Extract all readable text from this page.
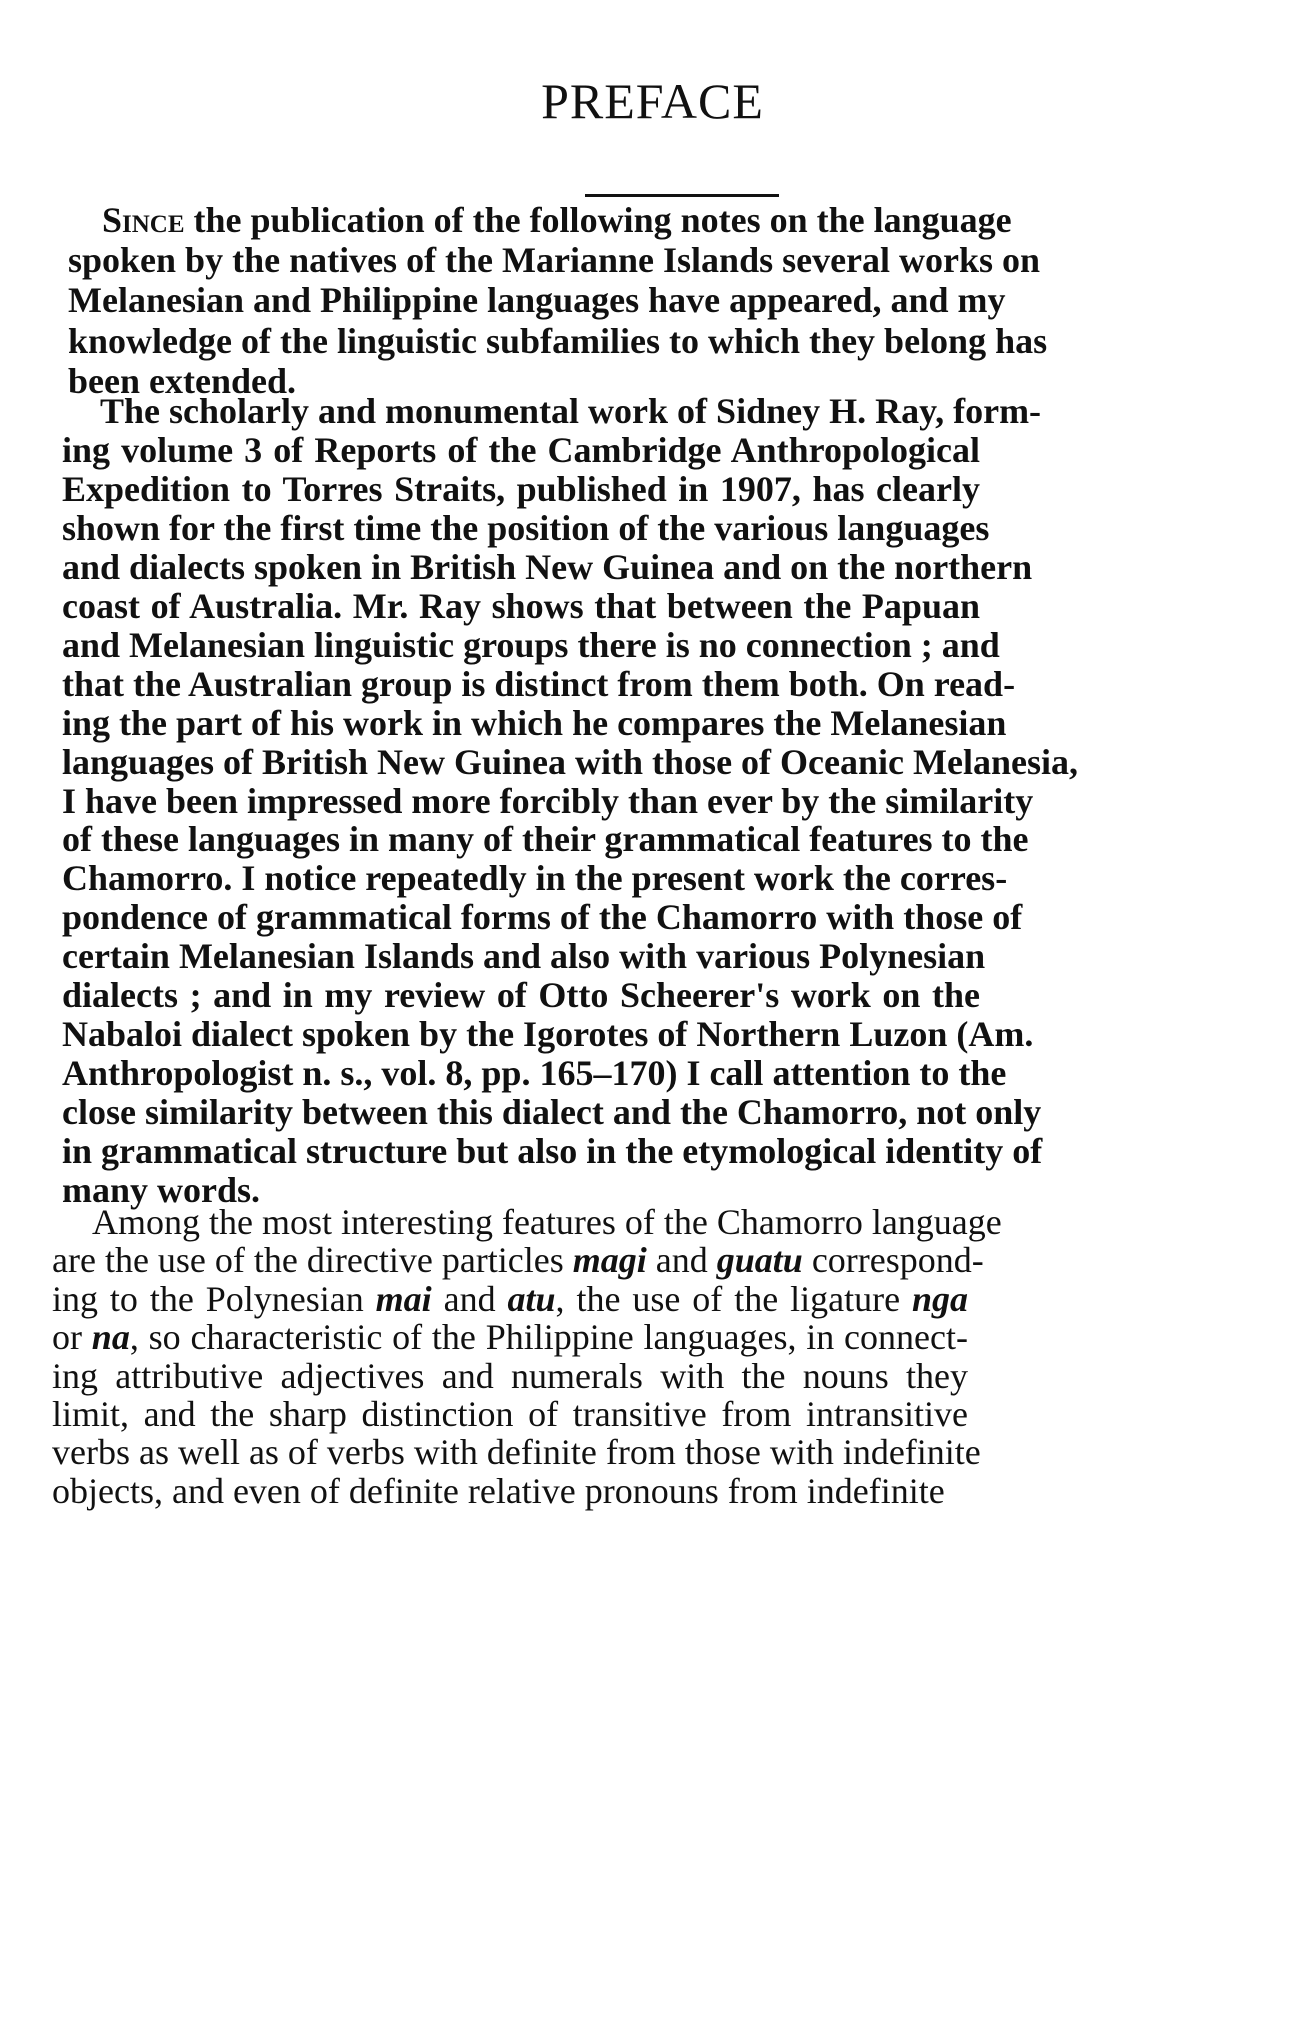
PREFACE
Since the publication of the following notes on the language
spoken by the natives of the Marianne Islands several works on
Melanesian and Philippine languages have appeared, and my
knowledge of the linguistic subfamilies to which they belong has
been extended.
The scholarly and monumental work of Sidney H. Ray, form-
ing volume 3 of Reports of the Cambridge Anthropological
Expedition to Torres Straits, published in 1907, has clearly
shown for the first time the position of the various languages
and dialects spoken in British New Guinea and on the northern
coast of Australia. Mr. Ray shows that between the Papuan
and Melanesian linguistic groups there is no connection ; and
that the Australian group is distinct from them both. On read-
ing the part of his work in which he compares the Melanesian
languages of British New Guinea with those of Oceanic Melanesia,
I have been impressed more forcibly than ever by the similarity
of these languages in many of their grammatical features to the
Chamorro. I notice repeatedly in the present work the corres-
pondence of grammatical forms of the Chamorro with those of
certain Melanesian Islands and also with various Polynesian
dialects ; and in my review of Otto Scheerer's work on the
Nabaloi dialect spoken by the Igorotes of Northern Luzon (Am.
Anthropologist n. s., vol. 8, pp. 165–170) I call attention to the
close similarity between this dialect and the Chamorro, not only
in grammatical structure but also in the etymological identity of
many words.
Among the most interesting features of the Chamorro language
are the use of the directive particles magi and guatu correspond-
ing to the Polynesian mai and atu, the use of the ligature nga
or na, so characteristic of the Philippine languages, in connect-
ing attributive adjectives and numerals with the nouns they
limit, and the sharp distinction of transitive from intransitive
verbs as well as of verbs with definite from those with indefinite
objects, and even of definite relative pronouns from indefinite
